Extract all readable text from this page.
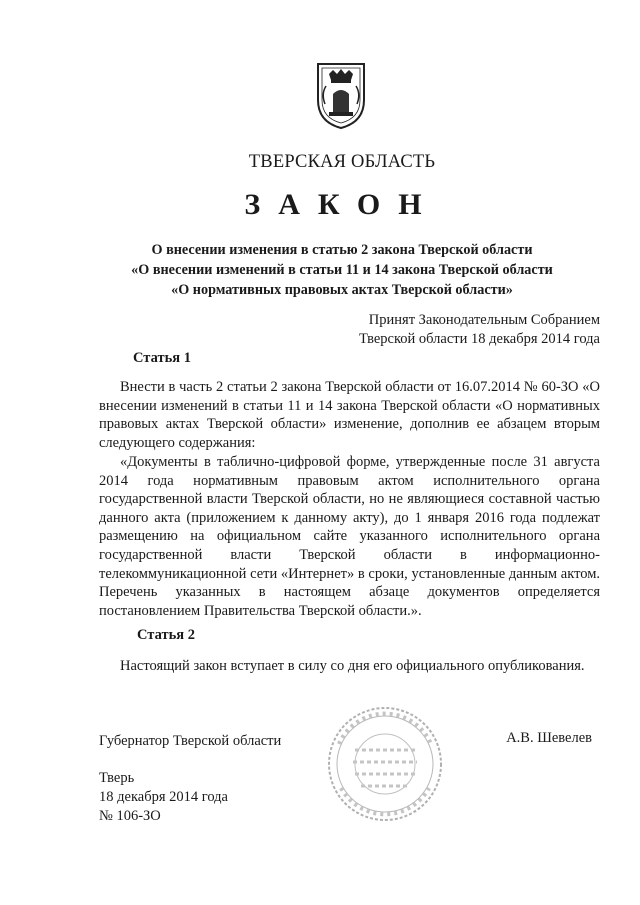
ТВЕРСКАЯ ОБЛАСТЬ
ЗАКОН
О внесении изменения в статью 2 закона Тверской области
«О внесении изменений в статьи 11 и 14 закона Тверской области
«О нормативных правовых актах Тверской области»
Принят Законодательным Собранием
Тверской области 18 декабря 2014 года
Статья 1
Внести в часть 2 статьи 2 закона Тверской области от 16.07.2014 № 60-ЗО «О внесении изменений в статьи 11 и 14 закона Тверской области «О нормативных правовых актах Тверской области» изменение, дополнив ее абзацем вторым следующего содержания:
«Документы в таблично-цифровой форме, утвержденные после 31 августа 2014 года нормативным правовым актом исполнительного органа государственной власти Тверской области, но не являющиеся составной частью данного акта (приложением к данному акту), до 1 января 2016 года подлежат размещению на официальном сайте указанного исполнительного органа государственной власти Тверской области в информационно-телекоммуникационной сети «Интернет» в сроки, установленные данным актом. Перечень указанных в настоящем абзаце документов определяется постановлением Правительства Тверской области.».
Статья 2
Настоящий закон вступает в силу со дня его официального опубликования.
Губернатор Тверской области	А.В. Шевелев
Тверь
18 декабря 2014 года
№ 106-ЗО
